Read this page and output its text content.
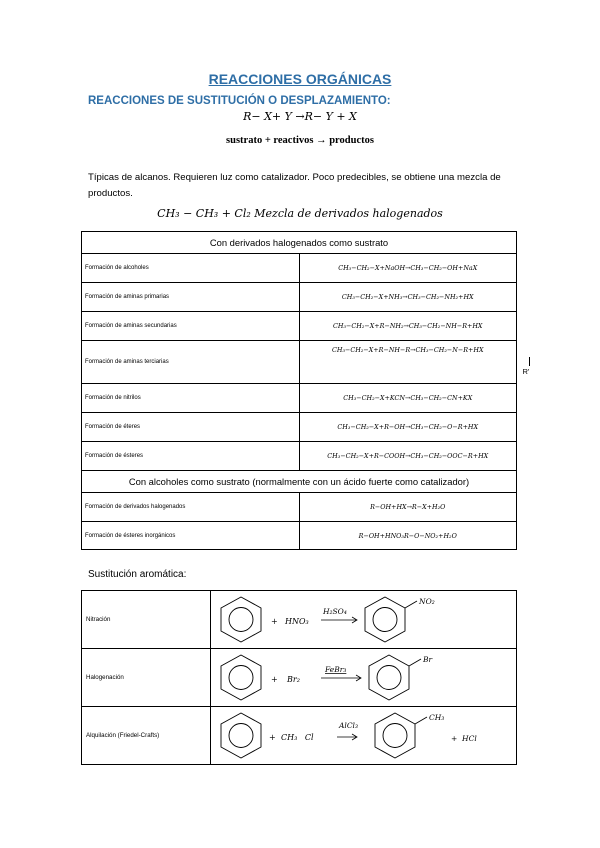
REACCIONES ORGÁNICAS
REACCIONES DE SUSTITUCIÓN O DESPLAZAMIENTO:
R− X+ Y →R− Y + X
sustrato + reactivos → productos
Típicas de alcanos. Requieren luz como catalizador. Poco predecibles, se obtiene una mezcla de productos.
CH₃ − CH₃ + Cl₂ Mezcla de derivados halogenados
Con derivados halogenados como sustrato	
Formación de alcoholes	CH₃−CH₂−X+NaOH→CH₃−CH₂−OH+NaX
Formación de aminas primarias	CH₃−CH₂−X+NH₃→CH₃−CH₂−NH₂+HX
Formación de aminas secundarias	CH₃−CH₂−X+R−NH₂→CH₃−CH₂−NH−R+HX
Formación de aminas terciarias	CH₃−CH₂−X+R−NH−R→CH₃−CH₂−N−R+HX
R'

Formación de nitrilos	CH₃−CH₂−X+KCN→CH₃−CH₂−CN+KX
Formación de éteres	CH₃−CH₂−X+R−OH→CH₃−CH₂−O−R+HX
Formación de ésteres	CH₃−CH₂−X+R−COOH→CH₃−CH₂−OOC−R+HX
Con alcoholes como sustrato (normalmente con un ácido fuerte como catalizador)	
Formación de derivados halogenados	R−OH+HX→R−X+H₂O
Formación de ésteres inorgánicos	R−OH+HNO₃R−O−NO₂+H₂O
Sustitución aromática:
Nitración	+ HNO₃
H₂SO₄
NO₂

Halogenación	+ Br₂
FeBr₃
Br

Alquilación (Friedel-Crafts)	+ CH₃   Cl
AlCl₃
CH₃
+  HCl
